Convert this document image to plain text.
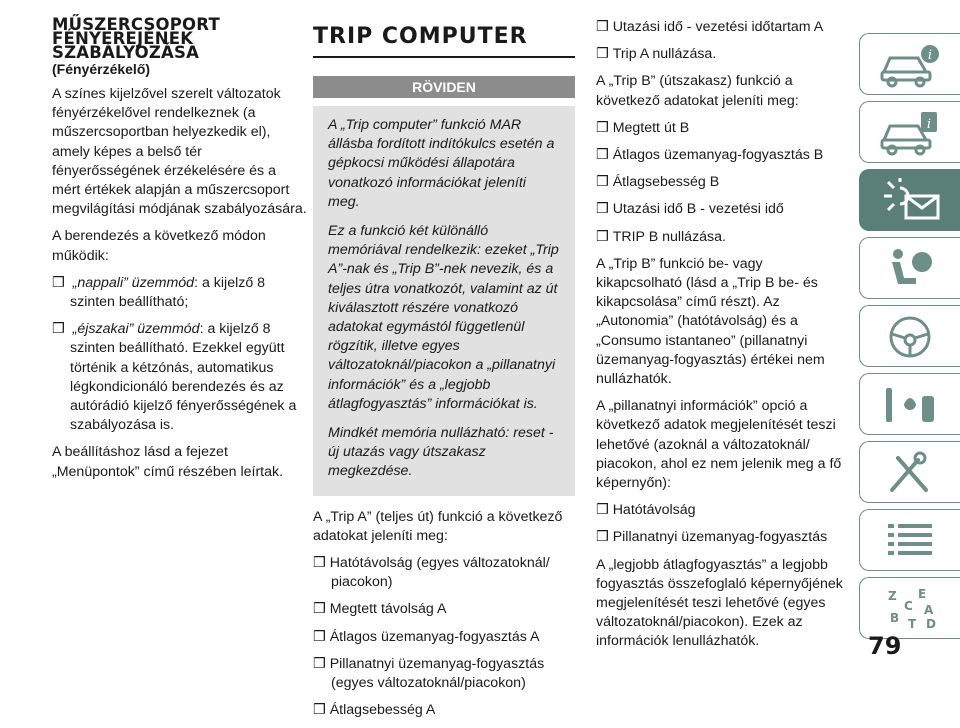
MŰSZERCSOPORT
FÉNYEREJÉNEK
SZABÁLYOZÁSA
(Fényérzékelő)

A színes kijelzővel szerelt változatok fényérzékelővel rendelkeznek (a műszercsoportban helyezkedik el), amely képes a belső tér fényerősségének érzékelésére és a mért értékek alapján a műszercsoport megvilágítási módjának szabályozására.

A berendezés a következő módon működik:

❒ „nappali” üzemmód: a kijelző 8 szinten beállítható;
❒ „éjszakai” üzemmód: a kijelző 8 szinten beállítható. Ezekkel együtt történik a kétzónás, automatikus légkondicionáló berendezés és az autórádió kijelző fényerősségének a szabályozása is.

A beállításhoz lásd a fejezet „Menüpontok” című részében leírtak.

TRIP COMPUTER
RÖVIDEN

A „Trip computer” funkció MAR állásba fordított indítókulcs esetén a gépkocsi működési állapotára vonatkozó információkat jeleníti meg.

Ez a funkció két különálló memóriával rendelkezik: ezeket „Trip A”-nak és „Trip B”-nek nevezik, és a teljes útra vonatkozót, valamint az út kiválasztott részére vonatkozó adatokat egymástól függetlenül rögzítik, illetve egyes változatoknál/piacokon a „pillanatnyi információk” és a „legjobb átlagfogyasztás” információkat is.

Mindkét memória nullázható: reset - új utazás vagy útszakasz megkezdése.

A „Trip A” (teljes út) funkció a következő adatokat jeleníti meg:

❒ Hatótávolság (egyes változatoknál/ piacokon)
❒ Megtett távolság A
❒ Átlagos üzemanyag-fogyasztás A
❒ Pillanatnyi üzemanyag-fogyasztás (egyes változatoknál/piacokon)
❒ Átlagsebesség A
❒ Utazási idő - vezetési időtartam A
❒ Trip A nullázása.

A „Trip B” (útszakasz) funkció a következő adatokat jeleníti meg:

❒ Megtett út B
❒ Átlagos üzemanyag-fogyasztás B
❒ Átlagsebesség B
❒ Utazási idő B - vezetési idő
❒ TRIP B nullázása.

A „Trip B” funkció be- vagy kikapcsolható (lásd a „Trip B be- és kikapcsolása” című részt). Az „Autonomia” (hatótávolság) és a „Consumo istantaneo” (pillanatnyi üzemanyag-fogyasztás) értékei nem nullázhatók.

A „pillanatnyi információk” opció a következő adatok megjelenítését teszi lehetővé (azoknál a változatoknál/ piacokon, ahol ez nem jelenik meg a fő képernyőn):

❒ Hatótávolság
❒ Pillanatnyi üzemanyag-fogyasztás

A „legjobb átlagfogyasztás” a legjobb fogyasztás összefoglaló képernyőjének megjelenítését teszi lehetővé (egyes változatoknál/piacokon). Ezek az információk lenullázhatók.

i
i
Z E
C A
B T D
79
